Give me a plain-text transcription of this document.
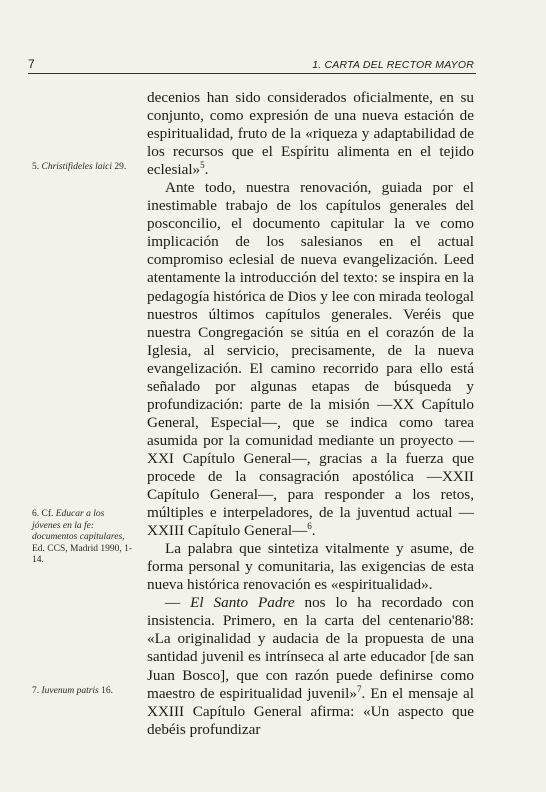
7	1. CARTA DEL RECTOR MAYOR
5. Christifideles laici 29.
6. Cf. Educar a los jóvenes en la fe: documentos capitulares, Ed. CCS, Madrid 1990, 1-14.
7. Iuvenum patris 16.

decenios han sido considerados oficialmente, en su conjunto, como expresión de una nueva estación de espiritualidad, fruto de la «riqueza y adaptabilidad de los recursos que el Espíritu alimenta en el tejido eclesial»$^5$.

Ante todo, nuestra renovación, guiada por el inestimable trabajo de los capítulos generales del posconcilio, el documento capitular la ve como implicación de los salesianos en el actual compromiso eclesial de nueva evangelización. Leed atentamente la introducción del texto: se inspira en la pedagogía histórica de Dios y lee con mirada teologal nuestros últimos capítulos generales. Veréis que nuestra Congregación se sitúa en el corazón de la Iglesia, al servicio, precisamente, de la nueva evangelización. El camino recorrido para ello está señalado por algunas etapas de búsqueda y profundización: parte de la misión —XX Capítulo General, Especial—, que se indica como tarea asumida por la comunidad mediante un proyecto —XXI Capítulo General—, gracias a la fuerza que procede de la consagración apostólica —XXII Capítulo General—, para responder a los retos, múltiples e interpeladores, de la juventud actual —XXIII Capítulo General—$^6$.

La palabra que sintetiza vitalmente y asume, de forma personal y comunitaria, las exigencias de esta nueva histórica renovación es «espiritualidad».

— El Santo Padre nos lo ha recordado con insistencia. Primero, en la carta del centenario'88: «La originalidad y audacia de la propuesta de una santidad juvenil es intrínseca al arte educador [de san Juan Bosco], que con razón puede definirse como maestro de espiritualidad juvenil»$^7$. En el mensaje al XXIII Capítulo General afirma: «Un aspecto que debéis profundizar
